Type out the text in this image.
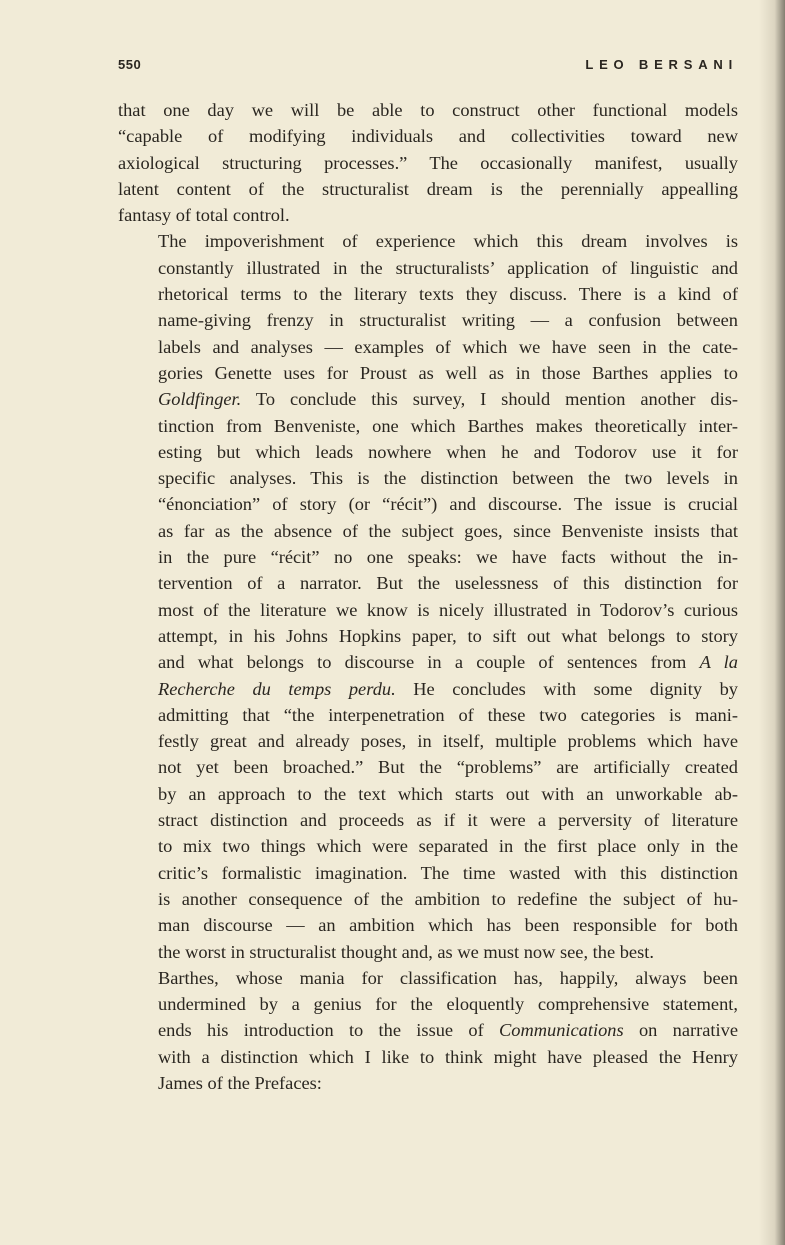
550	LEO BERSANI

that one day we will be able to construct other functional models
“capable of modifying individuals and collectivities toward new
axiological structuring processes.” The occasionally manifest, usually
latent content of the structuralist dream is the perennially appealling
fantasy of total control.

The impoverishment of experience which this dream involves is
constantly illustrated in the structuralists’ application of linguistic and
rhetorical terms to the literary texts they discuss. There is a kind of
name-giving frenzy in structuralist writing — a confusion between
labels and analyses — examples of which we have seen in the cate-
gories Genette uses for Proust as well as in those Barthes applies to
Goldfinger. To conclude this survey, I should mention another dis-
tinction from Benveniste, one which Barthes makes theoretically inter-
esting but which leads nowhere when he and Todorov use it for
specific analyses. This is the distinction between the two levels in
“énonciation” of story (or “récit”) and discourse. The issue is crucial
as far as the absence of the subject goes, since Benveniste insists that
in the pure “récit” no one speaks: we have facts without the in-
tervention of a narrator. But the uselessness of this distinction for
most of the literature we know is nicely illustrated in Todorov’s curious
attempt, in his Johns Hopkins paper, to sift out what belongs to story
and what belongs to discourse in a couple of sentences from A la
Recherche du temps perdu. He concludes with some dignity by
admitting that “the interpenetration of these two categories is mani-
festly great and already poses, in itself, multiple problems which have
not yet been broached.” But the “problems” are artificially created
by an approach to the text which starts out with an unworkable ab-
stract distinction and proceeds as if it were a perversity of literature
to mix two things which were separated in the first place only in the
critic’s formalistic imagination. The time wasted with this distinction
is another consequence of the ambition to redefine the subject of hu-
man discourse — an ambition which has been responsible for both
the worst in structuralist thought and, as we must now see, the best.

Barthes, whose mania for classification has, happily, always been
undermined by a genius for the eloquently comprehensive statement,
ends his introduction to the issue of Communications on narrative
with a distinction which I like to think might have pleased the Henry
James of the Prefaces:
